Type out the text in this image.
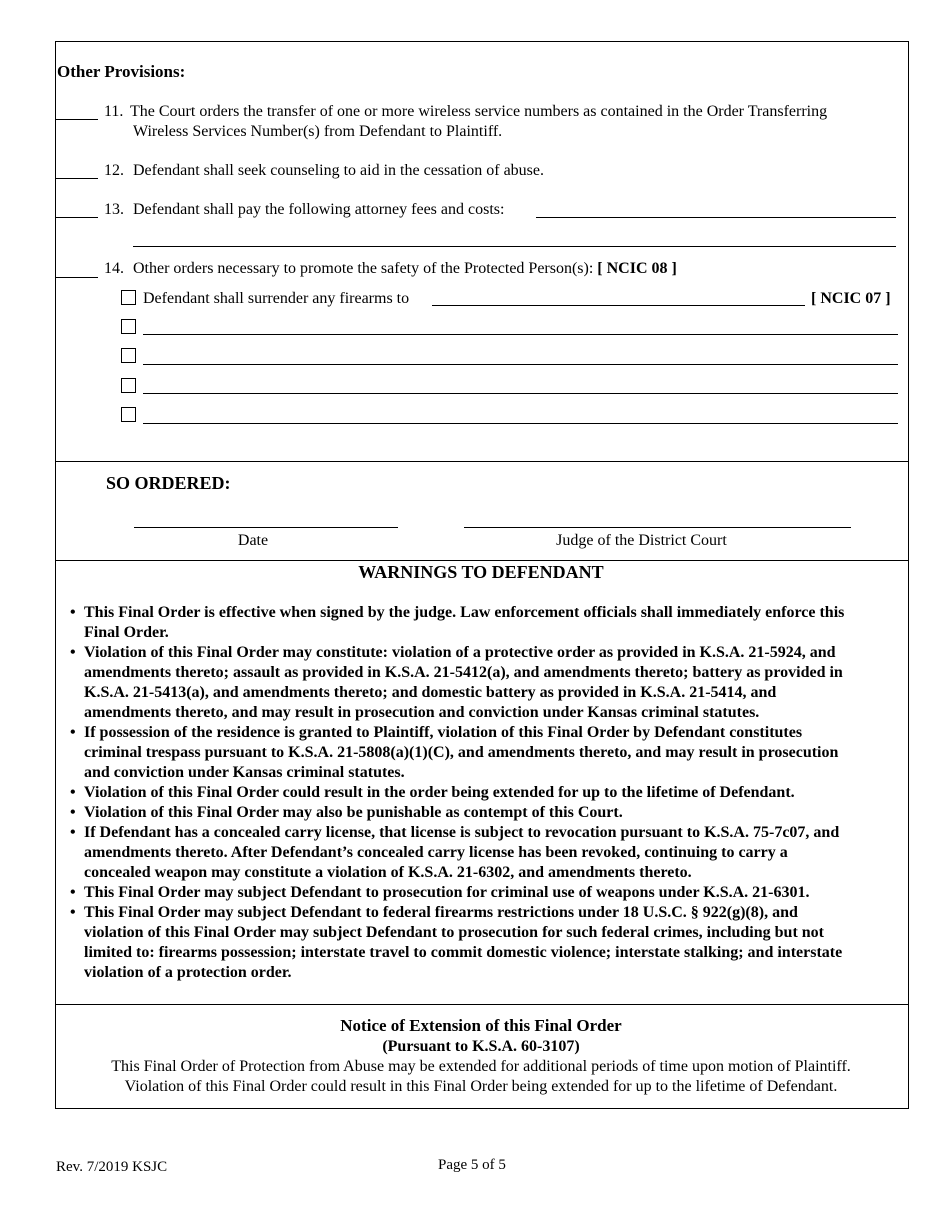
Other Provisions:
11. The Court orders the transfer of one or more wireless service numbers as contained in the Order Transferring
Wireless Services Number(s) from Defendant to Plaintiff.
12. Defendant shall seek counseling to aid in the cessation of abuse.
13. Defendant shall pay the following attorney fees and costs:
14. Other orders necessary to promote the safety of the Protected Person(s): [ NCIC 08 ]
Defendant shall surrender any firearms to	[ NCIC 07 ]
SO ORDERED:
Date	Judge of the District Court
WARNINGS TO DEFENDANT
• This Final Order is effective when signed by the judge. Law enforcement officials shall immediately enforce this
Final Order.
• Violation of this Final Order may constitute: violation of a protective order as provided in K.S.A. 21-5924, and
amendments thereto; assault as provided in K.S.A. 21-5412(a), and amendments thereto; battery as provided in
K.S.A. 21-5413(a), and amendments thereto; and domestic battery as provided in K.S.A. 21-5414, and
amendments thereto, and may result in prosecution and conviction under Kansas criminal statutes.
• If possession of the residence is granted to Plaintiff, violation of this Final Order by Defendant constitutes
criminal trespass pursuant to K.S.A. 21-5808(a)(1)(C), and amendments thereto, and may result in prosecution
and conviction under Kansas criminal statutes.
• Violation of this Final Order could result in the order being extended for up to the lifetime of Defendant.
• Violation of this Final Order may also be punishable as contempt of this Court.
• If Defendant has a concealed carry license, that license is subject to revocation pursuant to K.S.A. 75-7c07, and
amendments thereto. After Defendant’s concealed carry license has been revoked, continuing to carry a
concealed weapon may constitute a violation of K.S.A. 21-6302, and amendments thereto.
• This Final Order may subject Defendant to prosecution for criminal use of weapons under K.S.A. 21-6301.
• This Final Order may subject Defendant to federal firearms restrictions under 18 U.S.C. § 922(g)(8), and
violation of this Final Order may subject Defendant to prosecution for such federal crimes, including but not
limited to: firearms possession; interstate travel to commit domestic violence; interstate stalking; and interstate
violation of a protection order.
Notice of Extension of this Final Order
(Pursuant to K.S.A. 60-3107)
This Final Order of Protection from Abuse may be extended for additional periods of time upon motion of Plaintiff.
Violation of this Final Order could result in this Final Order being extended for up to the lifetime of Defendant.
Rev. 7/2019 KSJC	Page 5 of 5
